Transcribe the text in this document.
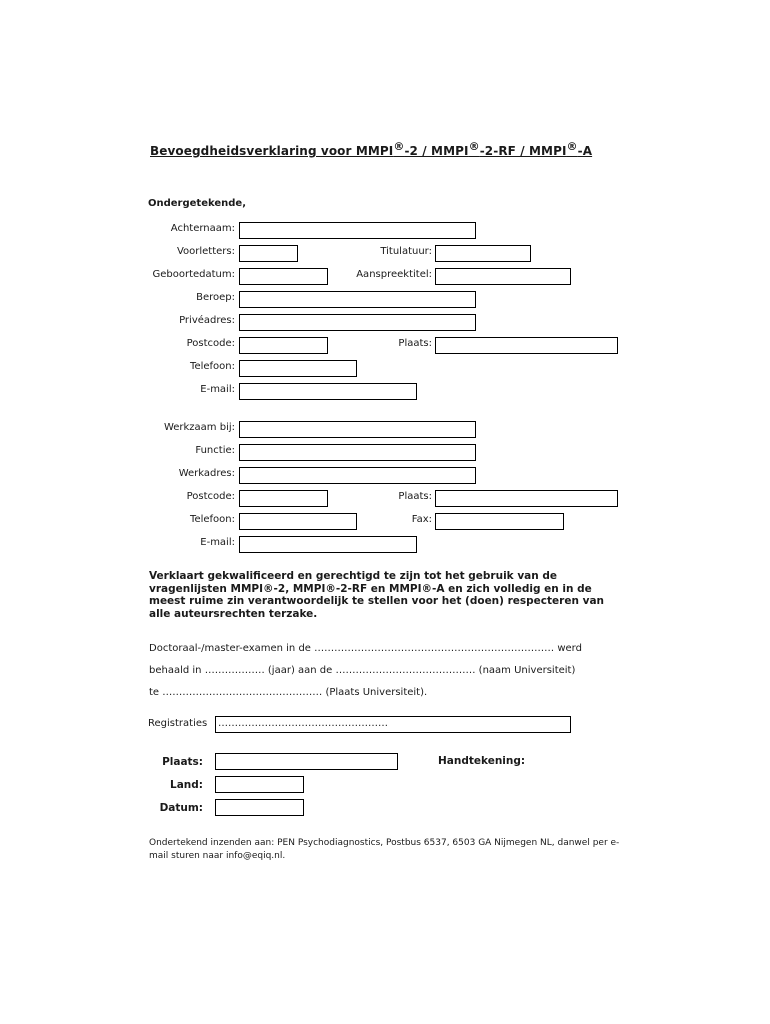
Bevoegdheidsverklaring voor MMPI®-2 / MMPI®-2-RF / MMPI®-A
Ondergetekende,
Achternaam:
Voorletters:	Titulatuur:
Geboortedatum:	Aanspreektitel:
Beroep:
Privéadres:
Postcode:	Plaats:
Telefoon:
E-mail:
Werkzaam bij:
Functie:
Werkadres:
Postcode:	Plaats:
Telefoon:	Fax:
E-mail:
Verklaart gekwalificeerd en gerechtigd te zijn tot het gebruik van de vragenlijsten MMPI®-2, MMPI®-2-RF en MMPI®-A en zich volledig en in de meest ruime zin verantwoordelijk te stellen voor het (doen) respecteren van alle auteursrechten terzake.
Doctoraal-/master-examen in de ……………………………………………………………… werd
behaald in ……………… (jaar) aan de …………………………………… (naam Universiteit)
te ………………………………………… (Plaats Universiteit).
Registraties ……………………………………………
Plaats:	Handtekening:
Land:
Datum:
Ondertekend inzenden aan: PEN Psychodiagnostics, Postbus 6537, 6503 GA Nijmegen NL, danwel per e-mail sturen naar info@eqiq.nl.
